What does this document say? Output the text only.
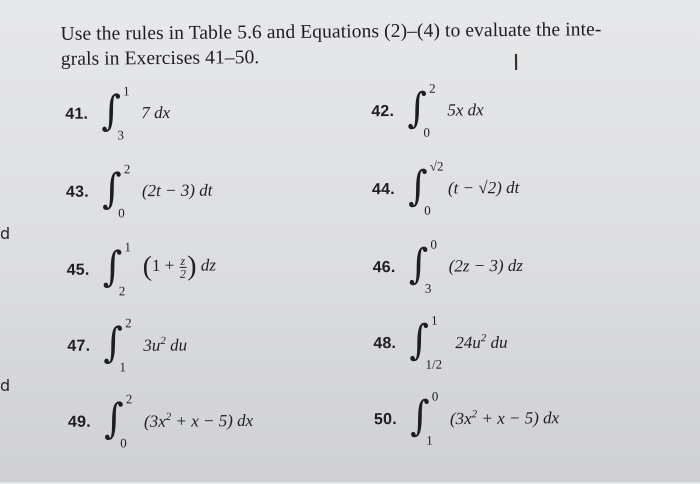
Use the rules in Table 5.6 and Equations (2)–(4) to evaluate the inte-
grals in Exercises 41–50.	I
41. ∫ 1
3
7 dx	42. ∫ 2
0
5x dx
43. ∫ 2
0
(2t − 3) dt	44. ∫ √2
0
(t − √2) dt
45. ∫ 1
2
($1 + \frac{z}{2}$ ) dz	46. ∫ 0
3
(2z − 3) dz
47. ∫ 2
1
$3u^2$ du	48. ∫ 1
1/2
$24u^2$ du
49. ∫ 2
0
$(3x^2 + x - 5)$ dx	50. ∫ 0
1
$(3x^2 + x - 5)$ dx
d
d
